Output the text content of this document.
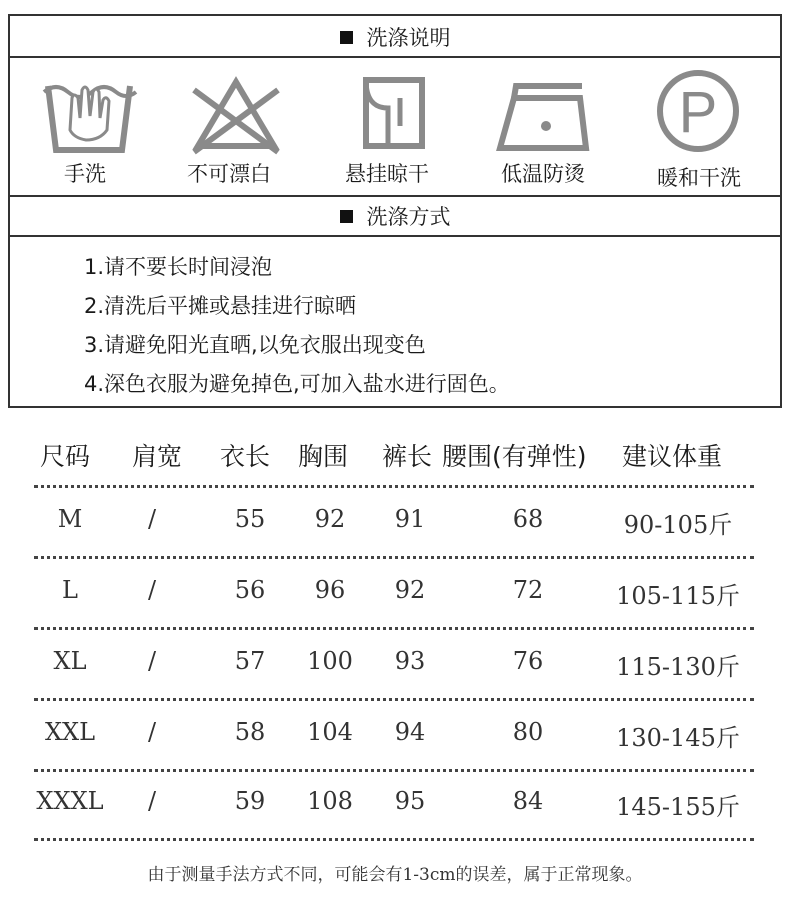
洗涤说明
P
手洗	不可漂白	悬挂晾干	低温防烫	暖和干洗
洗涤方式
1.请不要长时间浸泡
2.清洗后平摊或悬挂进行晾晒
3.请避免阳光直晒,以免衣服出现变色
4.深色衣服为避免掉色,可加入盐水进行固色。
尺码 肩宽 衣长 胸围 裤长 腰围(有弹性) 建议体重
M	/	55	92	91	68	90-105斤
L	/	56	96	92	72	105-115斤
XL	/	57	100	93	76	115-130斤
XXL	/	58	104	94	80	130-145斤
XXXL	/	59	108	95	84	145-155斤
由于测量手法方式不同，可能会有1-3cm的误差，属于正常现象。
